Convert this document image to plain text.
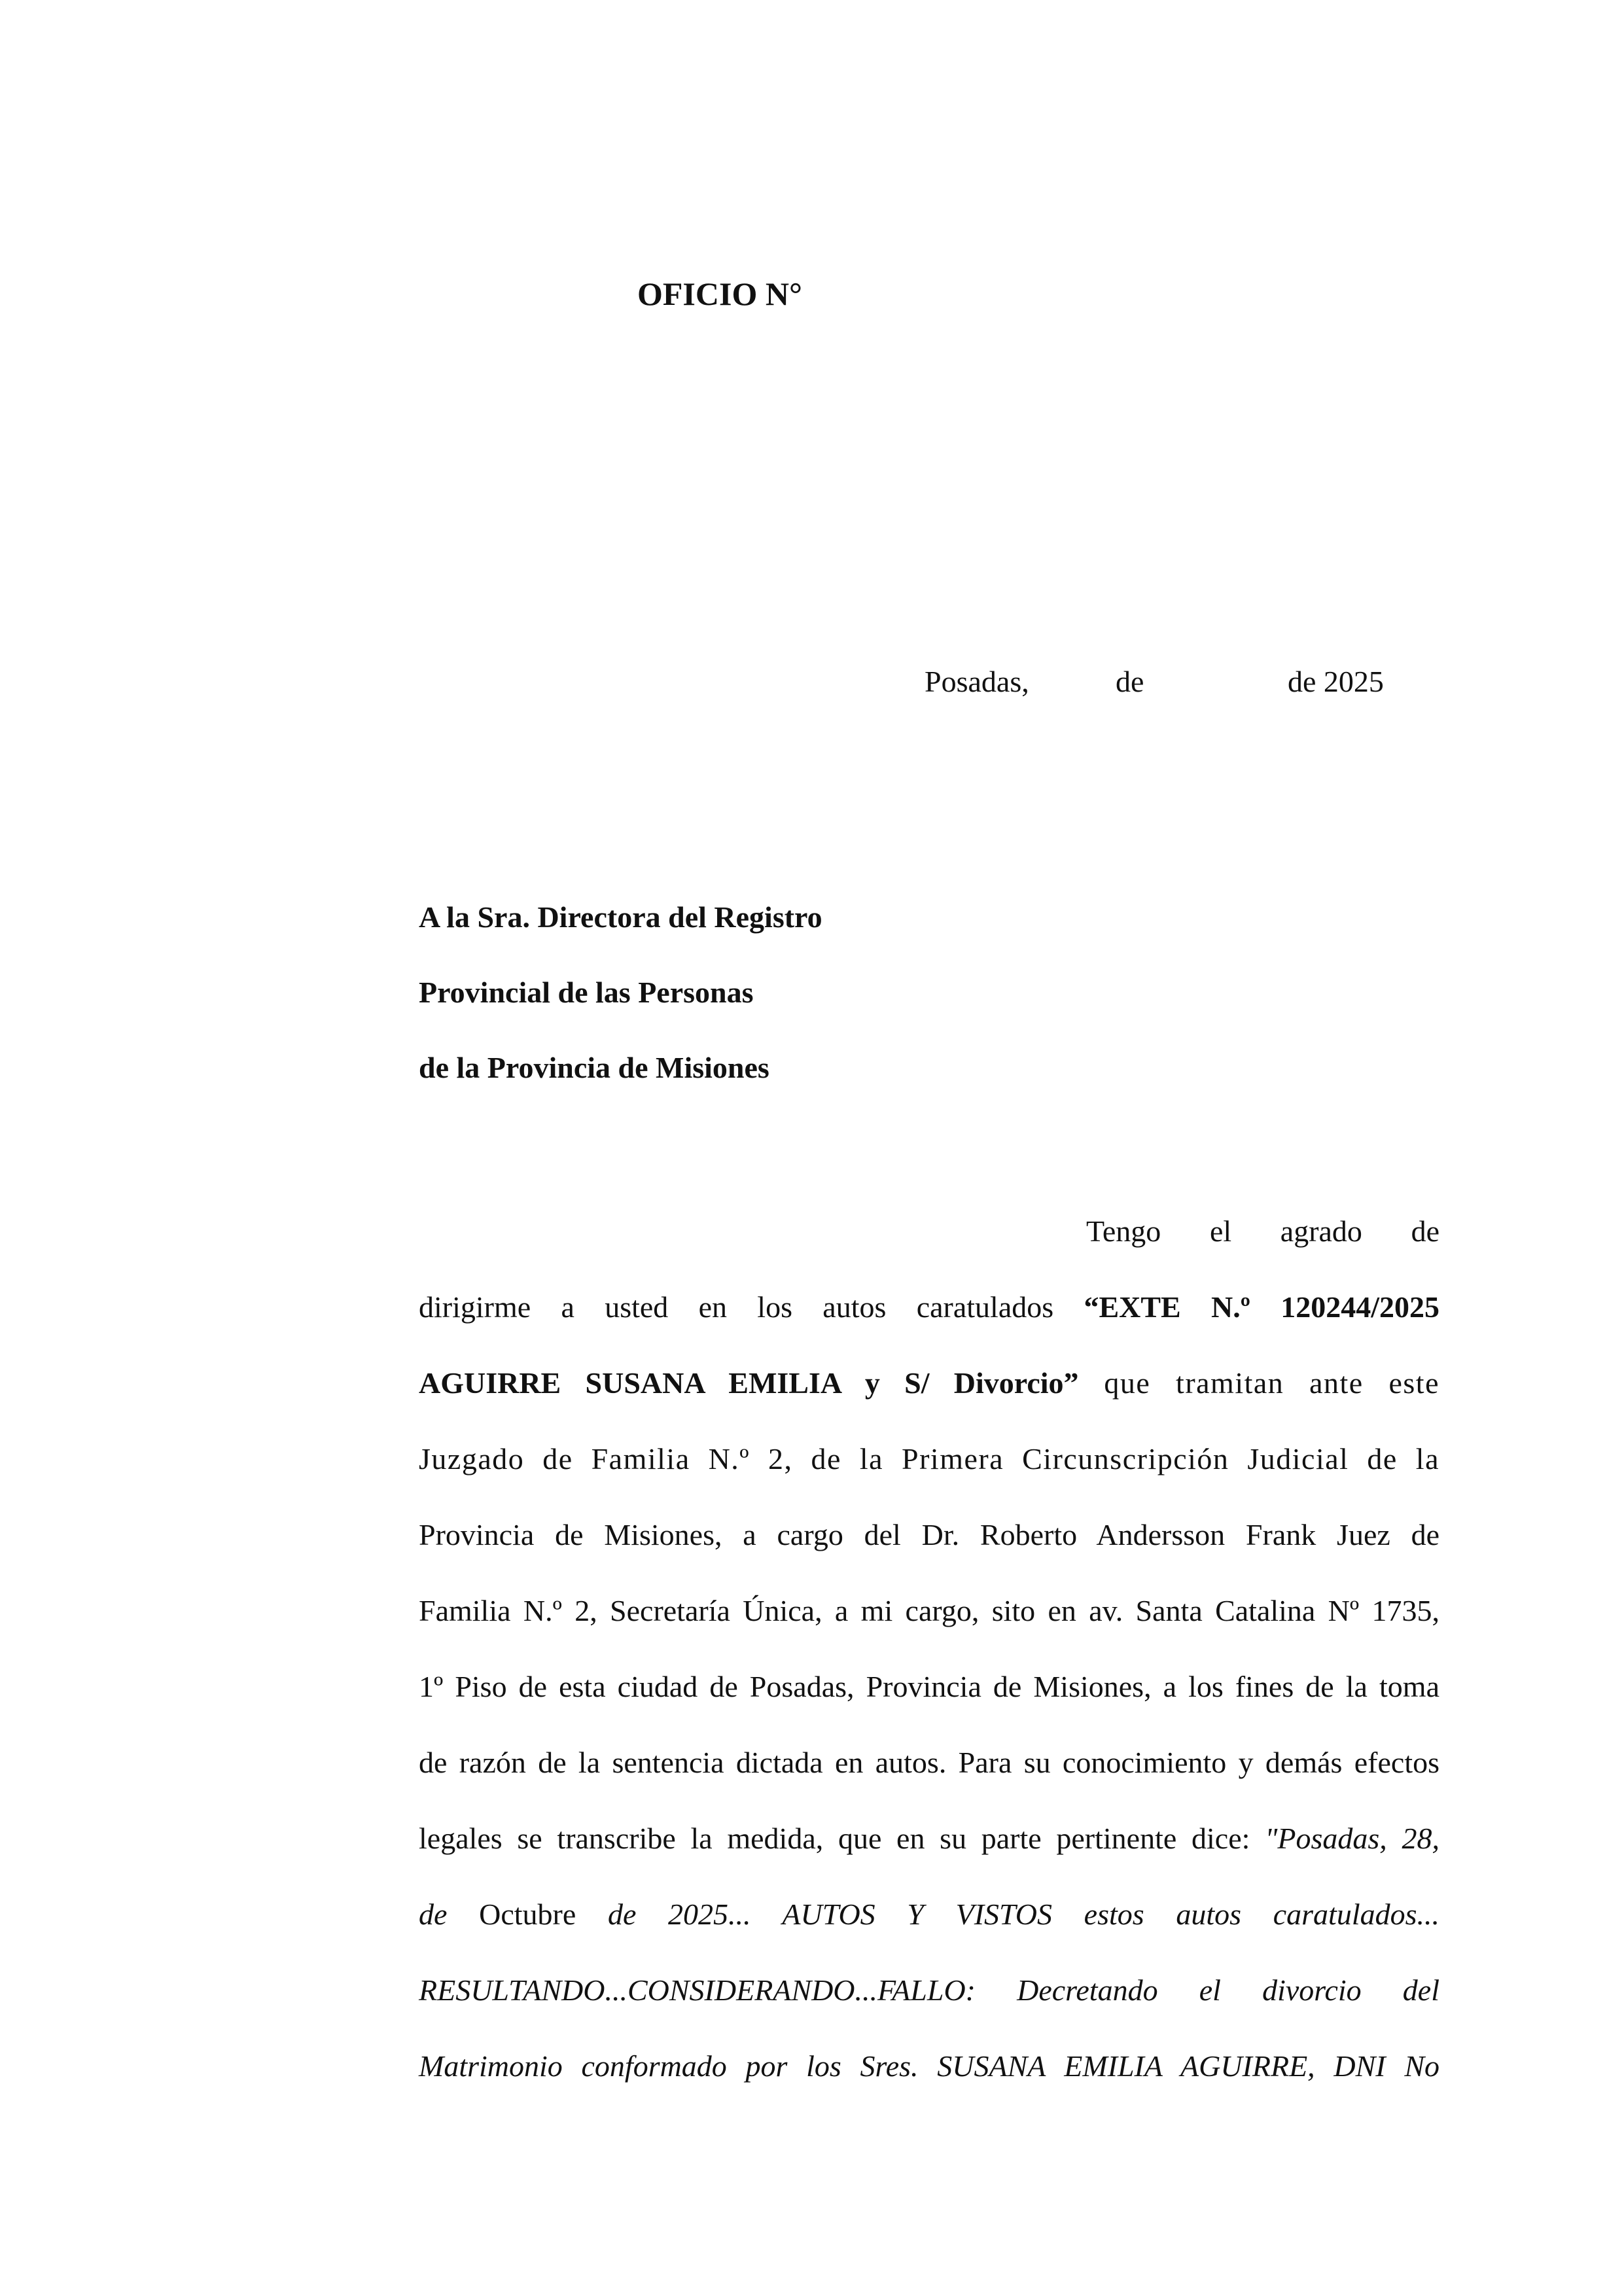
OFICIO N°
Posadas,	de	de 2025
A la Sra. Directora del Registro
Provincial de las Personas
de la Provincia de Misiones
Tengo el agrado de
dirigirme a usted en los autos caratulados “EXTE N.º 120244/2025
AGUIRRE SUSANA EMILIA y S/ Divorcio” que tramitan ante este
Juzgado de Familia N.º 2, de la Primera Circunscripción Judicial de la
Provincia de Misiones, a cargo del Dr. Roberto Andersson Frank Juez de
Familia N.º 2, Secretaría Única, a mi cargo, sito en av. Santa Catalina Nº 1735,
1º Piso de esta ciudad de Posadas, Provincia de Misiones, a los fines de la toma
de razón de la sentencia dictada en autos. Para su conocimiento y demás efectos
legales se transcribe la medida, que en su parte pertinente dice: "Posadas, 28,
de Octubre de 2025... AUTOS Y VISTOS estos autos caratulados...
RESULTANDO...CONSIDERANDO...FALLO: Decretando el divorcio del
Matrimonio conformado por los Sres. SUSANA EMILIA AGUIRRE, DNI No
